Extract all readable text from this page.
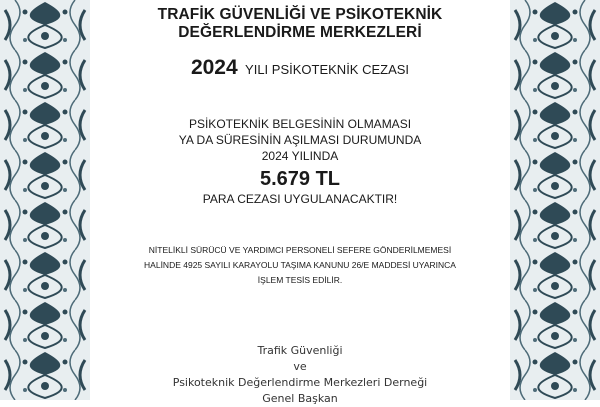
TRAFİK GÜVENLİĞİ VE PSİKOTEKNİK
DEĞERLENDİRME MERKEZLERİ
2024 YILI PSİKOTEKNİK CEZASI
PSİKOTEKNİK BELGESİNİN OLMAMASI
YA DA SÜRESİNİN AŞILMASI DURUMUNDA
2024 YILINDA
5.679 TL
PARA CEZASI UYGULANACAKTIR!
NİTELİKLİ SÜRÜCÜ VE YARDIMCI PERSONELİ SEFERE GÖNDERİLMEMESİ
HALİNDE 4925 SAYILI KARAYOLU TAŞIMA KANUNU 26/E MADDESİ UYARINCA
İŞLEM TESİS EDİLİR.
Trafik Güvenliği
ve
Psikoteknik Değerlendirme Merkezleri Derneği
Genel Başkan
